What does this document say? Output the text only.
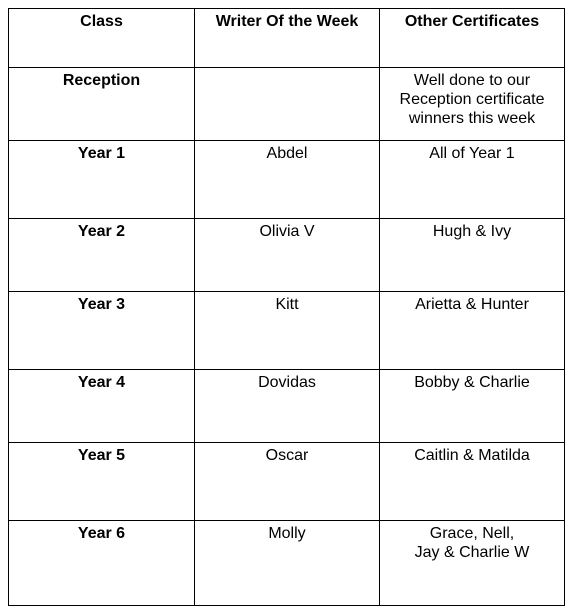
Class	Writer Of the Week	Other Certificates
Reception		Well done to our
Reception certificate
winners this week
Year 1	Abdel	All of Year 1
Year 2	Olivia V	Hugh & Ivy
Year 3	Kitt	Arietta & Hunter
Year 4	Dovidas	Bobby & Charlie
Year 5	Oscar	Caitlin & Matilda
Year 6	Molly	Grace, Nell,
Jay & Charlie W
